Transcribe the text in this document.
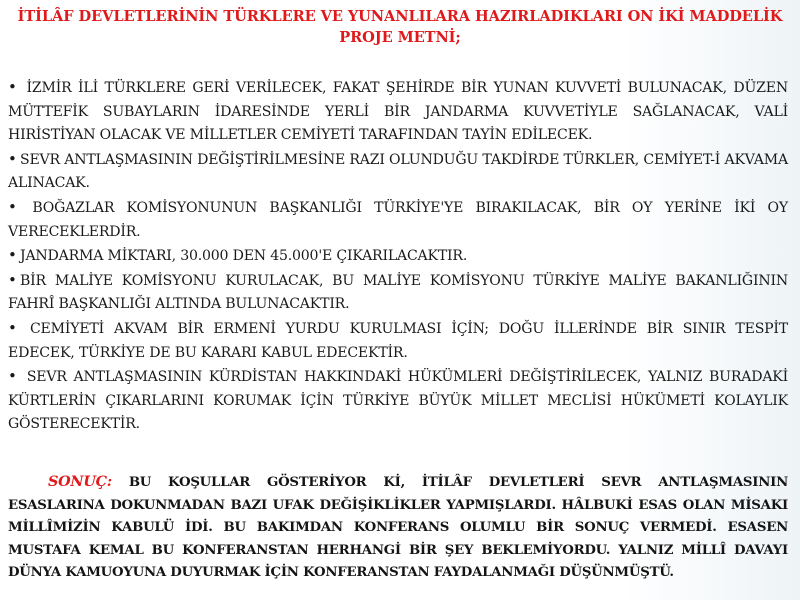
İTİLÂF DEVLETLERİNİN TÜRKLERE VE YUNANLILARA HAZIRLADIKLARI ON İKİ MADDELİK PROJE METNİ;
• İZMİR İLİ TÜRKLERE GERİ VERİLECEK, FAKAT ŞEHİRDE BİR YUNAN KUVVETİ BULUNACAK, DÜZEN MÜTTEFİK SUBAYLARIN İDARESİNDE YERLİ BİR JANDARMA KUVVETİYLE SAĞLANACAK, VALİ HIRİSTİYAN OLACAK VE MİLLETLER CEMİYETİ TARAFINDAN TAYİN EDİLECEK.
• SEVR ANTLAŞMASININ DEĞİŞTİRİLMESİNE RAZI OLUNDUĞU TAKDİRDE TÜRKLER, CEMİYET-İ AKVAMA ALINACAK.
• BOĞAZLAR KOMİSYONUNUN BAŞKANLIĞI TÜRKİYE'YE BIRAKILACAK, BİR OY YERİNE İKİ OY VERECEKLERDİR.
• JANDARMA MİKTARI, 30.000 DEN 45.000'E ÇIKARILACAKTIR.
• BİR MALİYE KOMİSYONU KURULACAK, BU MALİYE KOMİSYONU TÜRKİYE MALİYE BAKANLIĞININ FAHRÎ BAŞKANLIĞI ALTINDA BULUNACAKTIR.
• CEMİYETİ AKVAM BİR ERMENİ YURDU KURULMASI İÇİN; DOĞU İLLERİNDE BİR SINIR TESPİT EDECEK, TÜRKİYE DE BU KARARI KABUL EDECEKTİR.
• SEVR ANTLAŞMASININ KÜRDİSTAN HAKKINDAKİ HÜKÜMLERİ DEĞİŞTİRİLECEK, YALNIZ BURADAKİ KÜRTLERİN ÇIKARLARINI KORUMAK İÇİN TÜRKİYE BÜYÜK MİLLET MECLİSİ HÜKÜMETİ KOLAYLIK GÖSTERECEKTİR.

SONUÇ: BU KOŞULLAR GÖSTERİYOR Kİ, İTİLÂF DEVLETLERİ SEVR ANTLAŞMASININ ESASLARINA DOKUNMADAN BAZI UFAK DEĞİŞİKLİKLER YAPMIŞLARDI. HÂLBUKİ ESAS OLAN MİSAKI MİLLÎMİZİN KABULÜ İDİ. BU BAKIMDAN KONFERANS OLUMLU BİR SONUÇ VERMEDİ. ESASEN MUSTAFA KEMAL BU KONFERANSTAN HERHANGİ BİR ŞEY BEKLEMİYORDU. YALNIZ MİLLÎ DAVAYI DÜNYA KAMUOYUNA DUYURMAK İÇİN KONFERANSTAN FAYDALANMAĞI DÜŞÜNMÜŞTÜ.
